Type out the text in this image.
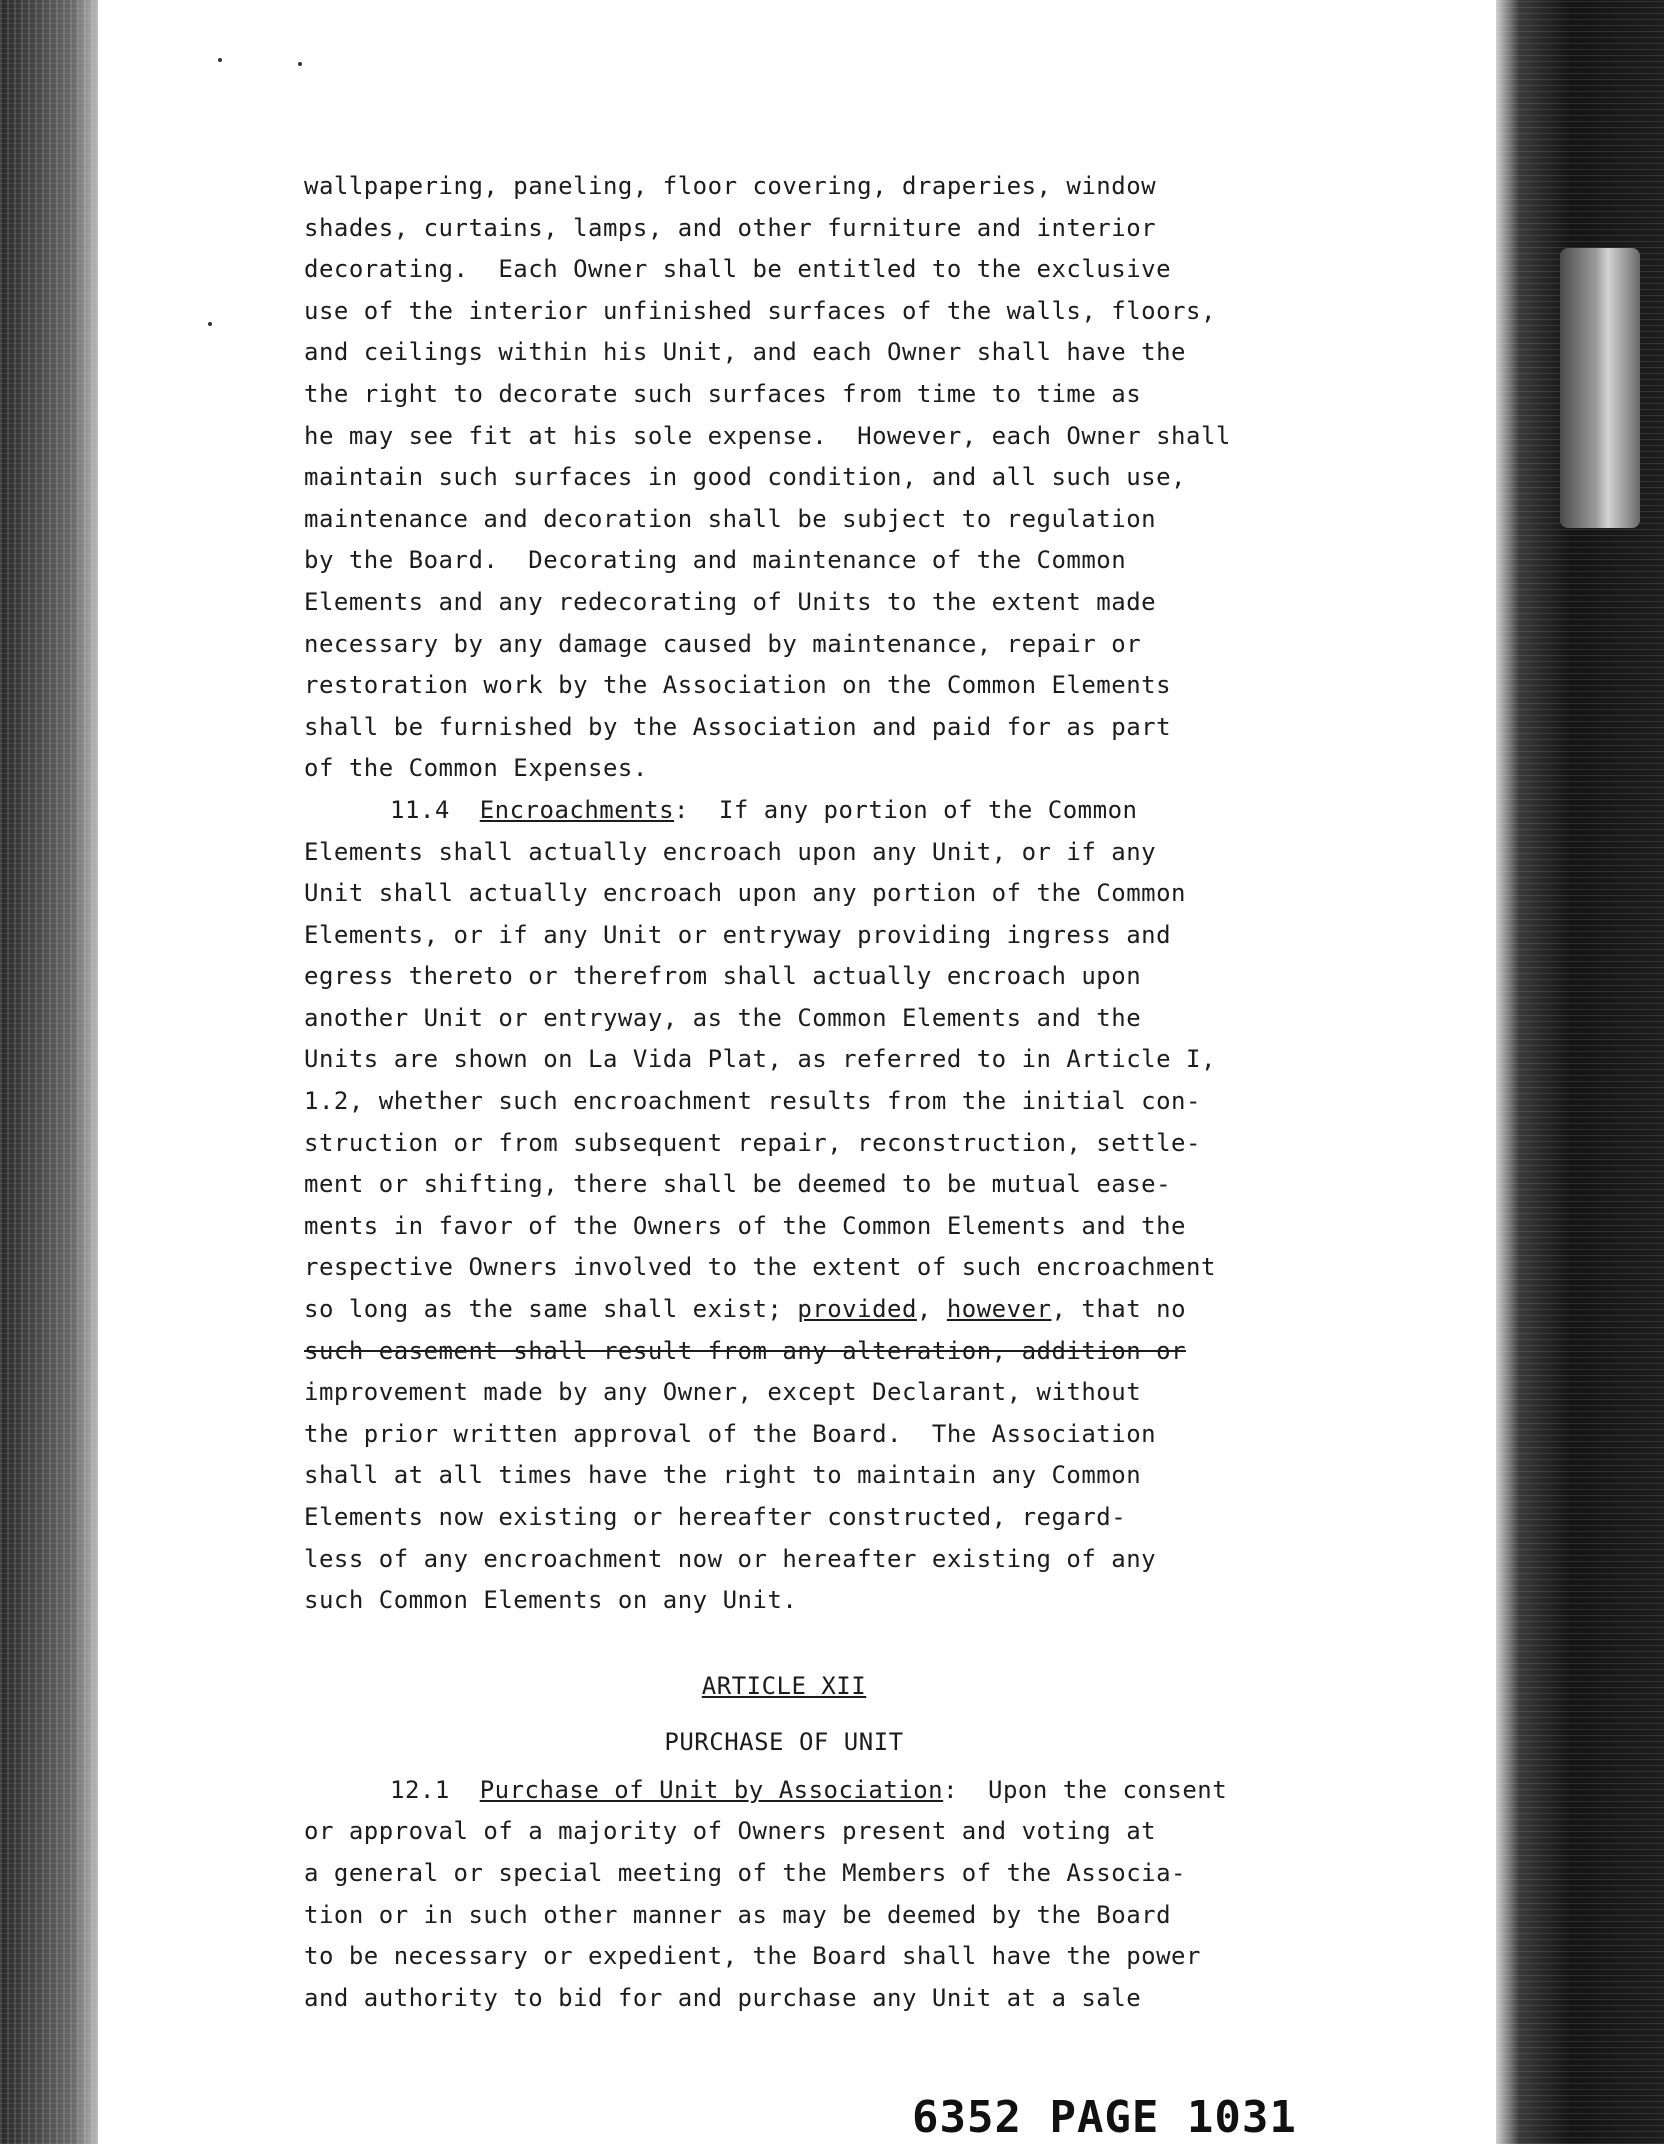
wallpapering, paneling, floor covering, draperies, window
shades, curtains, lamps, and other furniture and interior
decorating.  Each Owner shall be entitled to the exclusive
use of the interior unfinished surfaces of the walls, floors,
and ceilings within his Unit, and each Owner shall have the
the right to decorate such surfaces from time to time as
he may see fit at his sole expense.  However, each Owner shall
maintain such surfaces in good condition, and all such use,
maintenance and decoration shall be subject to regulation
by the Board.  Decorating and maintenance of the Common
Elements and any redecorating of Units to the extent made
necessary by any damage caused by maintenance, repair or
restoration work by the Association on the Common Elements
shall be furnished by the Association and paid for as part
of the Common Expenses.
11.4 Encroachments:  If any portion of the Common
Elements shall actually encroach upon any Unit, or if any
Unit shall actually encroach upon any portion of the Common
Elements, or if any Unit or entryway providing ingress and
egress thereto or therefrom shall actually encroach upon
another Unit or entryway, as the Common Elements and the
Units are shown on La Vida Plat, as referred to in Article I,
1.2, whether such encroachment results from the initial con-
struction or from subsequent repair, reconstruction, settle-
ment or shifting, there shall be deemed to be mutual ease-
ments in favor of the Owners of the Common Elements and the
respective Owners involved to the extent of such encroachment
so long as the same shall exist; provided, however, that no
such easement shall result from any alteration, addition or
improvement made by any Owner, except Declarant, without
the prior written approval of the Board.  The Association
shall at all times have the right to maintain any Common
Elements now existing or hereafter constructed, regard-
less of any encroachment now or hereafter existing of any
such Common Elements on any Unit.
ARTICLE XII
PURCHASE OF UNIT
12.1 Purchase of Unit by Association:  Upon the consent
or approval of a majority of Owners present and voting at
a general or special meeting of the Members of the Associa-
tion or in such other manner as may be deemed by the Board
to be necessary or expedient, the Board shall have the power
and authority to bid for and purchase any Unit at a sale
6352 PAGE 1031
